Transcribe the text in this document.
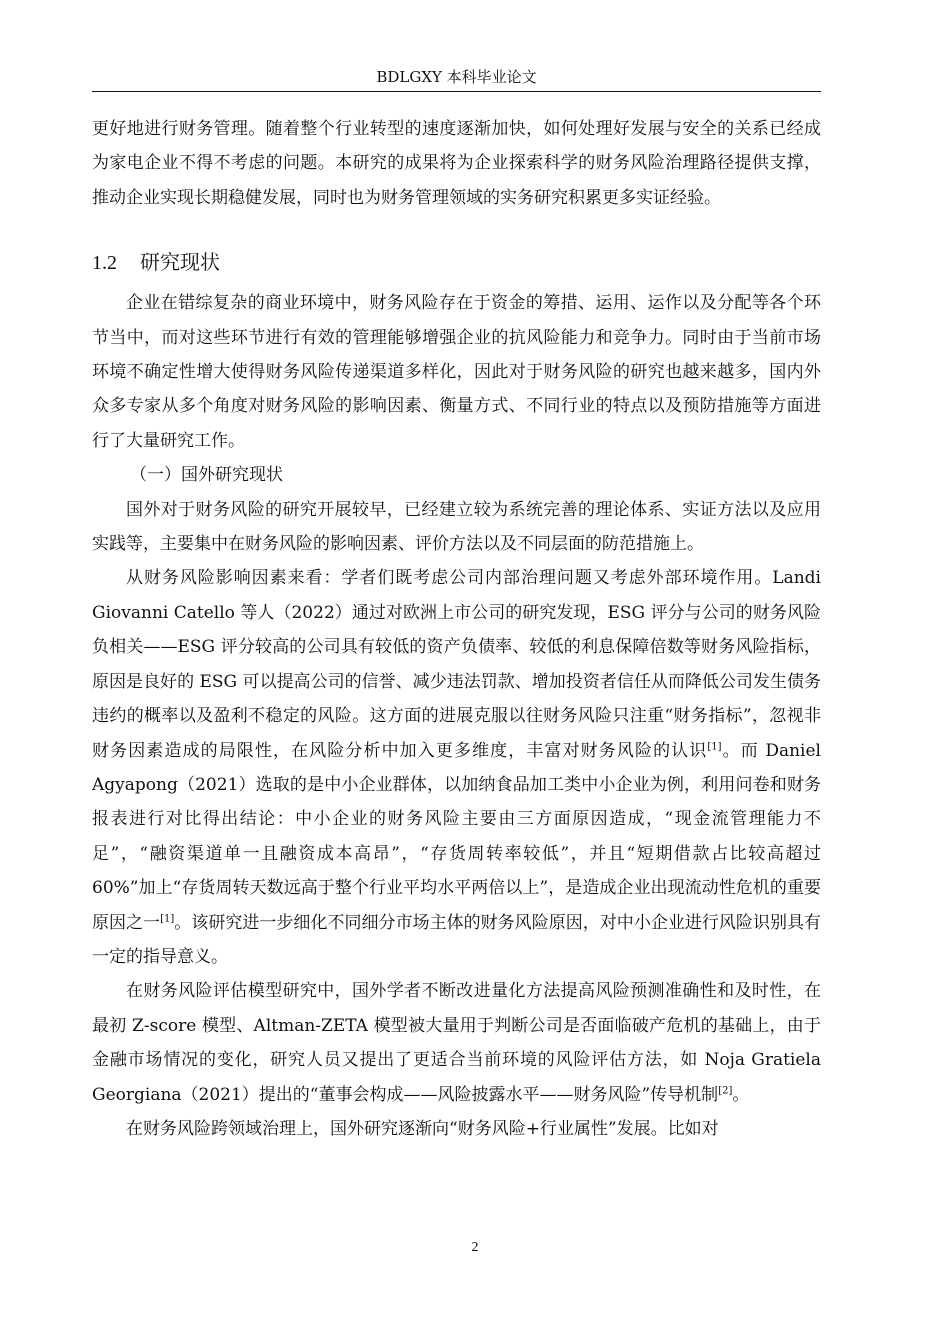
BDLGXY 本科毕业论文

更好地进行财务管理。随着整个行业转型的速度逐渐加快，如何处理好发展与安全的关系已经成为家电企业不得不考虑的问题。本研究的成果将为企业探索科学的财务风险治理路径提供支撑，推动企业实现长期稳健发展，同时也为财务管理领域的实务研究积累更多实证经验。

1.2 研究现状

企业在错综复杂的商业环境中，财务风险存在于资金的筹措、运用、运作以及分配等各个环节当中，而对这些环节进行有效的管理能够增强企业的抗风险能力和竞争力。同时由于当前市场环境不确定性增大使得财务风险传递渠道多样化，因此对于财务风险的研究也越来越多，国内外众多专家从多个角度对财务风险的影响因素、衡量方式、不同行业的特点以及预防措施等方面进行了大量研究工作。

（一）国外研究现状

国外对于财务风险的研究开展较早，已经建立较为系统完善的理论体系、实证方法以及应用实践等，主要集中在财务风险的影响因素、评价方法以及不同层面的防范措施上。

从财务风险影响因素来看：学者们既考虑公司内部治理问题又考虑外部环境作用。Landi Giovanni Catello 等人（2022）通过对欧洲上市公司的研究发现，ESG 评分与公司的财务风险负相关——ESG 评分较高的公司具有较低的资产负债率、较低的利息保障倍数等财务风险指标，原因是良好的 ESG 可以提高公司的信誉、减少违法罚款、增加投资者信任从而降低公司发生债务违约的概率以及盈利不稳定的风险。这方面的进展克服以往财务风险只注重“财务指标”，忽视非财务因素造成的局限性，在风险分析中加入更多维度，丰富对财务风险的认识[1]。而 Daniel Agyapong（2021）选取的是中小企业群体，以加纳食品加工类中小企业为例，利用问卷和财务报表进行对比得出结论：中小企业的财务风险主要由三方面原因造成，“现金流管理能力不足”，“融资渠道单一且融资成本高昂”，“存货周转率较低”，并且“短期借款占比较高超过 60%”加上“存货周转天数远高于整个行业平均水平两倍以上”，是造成企业出现流动性危机的重要原因之一[1]。该研究进一步细化不同细分市场主体的财务风险原因，对中小企业进行风险识别具有一定的指导意义。

在财务风险评估模型研究中，国外学者不断改进量化方法提高风险预测准确性和及时性，在最初 Z-score 模型、Altman-ZETA 模型被大量用于判断公司是否面临破产危机的基础上，由于金融市场情况的变化，研究人员又提出了更适合当前环境的风险评估方法，如 Noja Gratiela Georgiana（2021）提出的“董事会构成——风险披露水平——财务风险”传导机制[2]。

在财务风险跨领域治理上，国外研究逐渐向“财务风险+行业属性”发展。比如对

2
